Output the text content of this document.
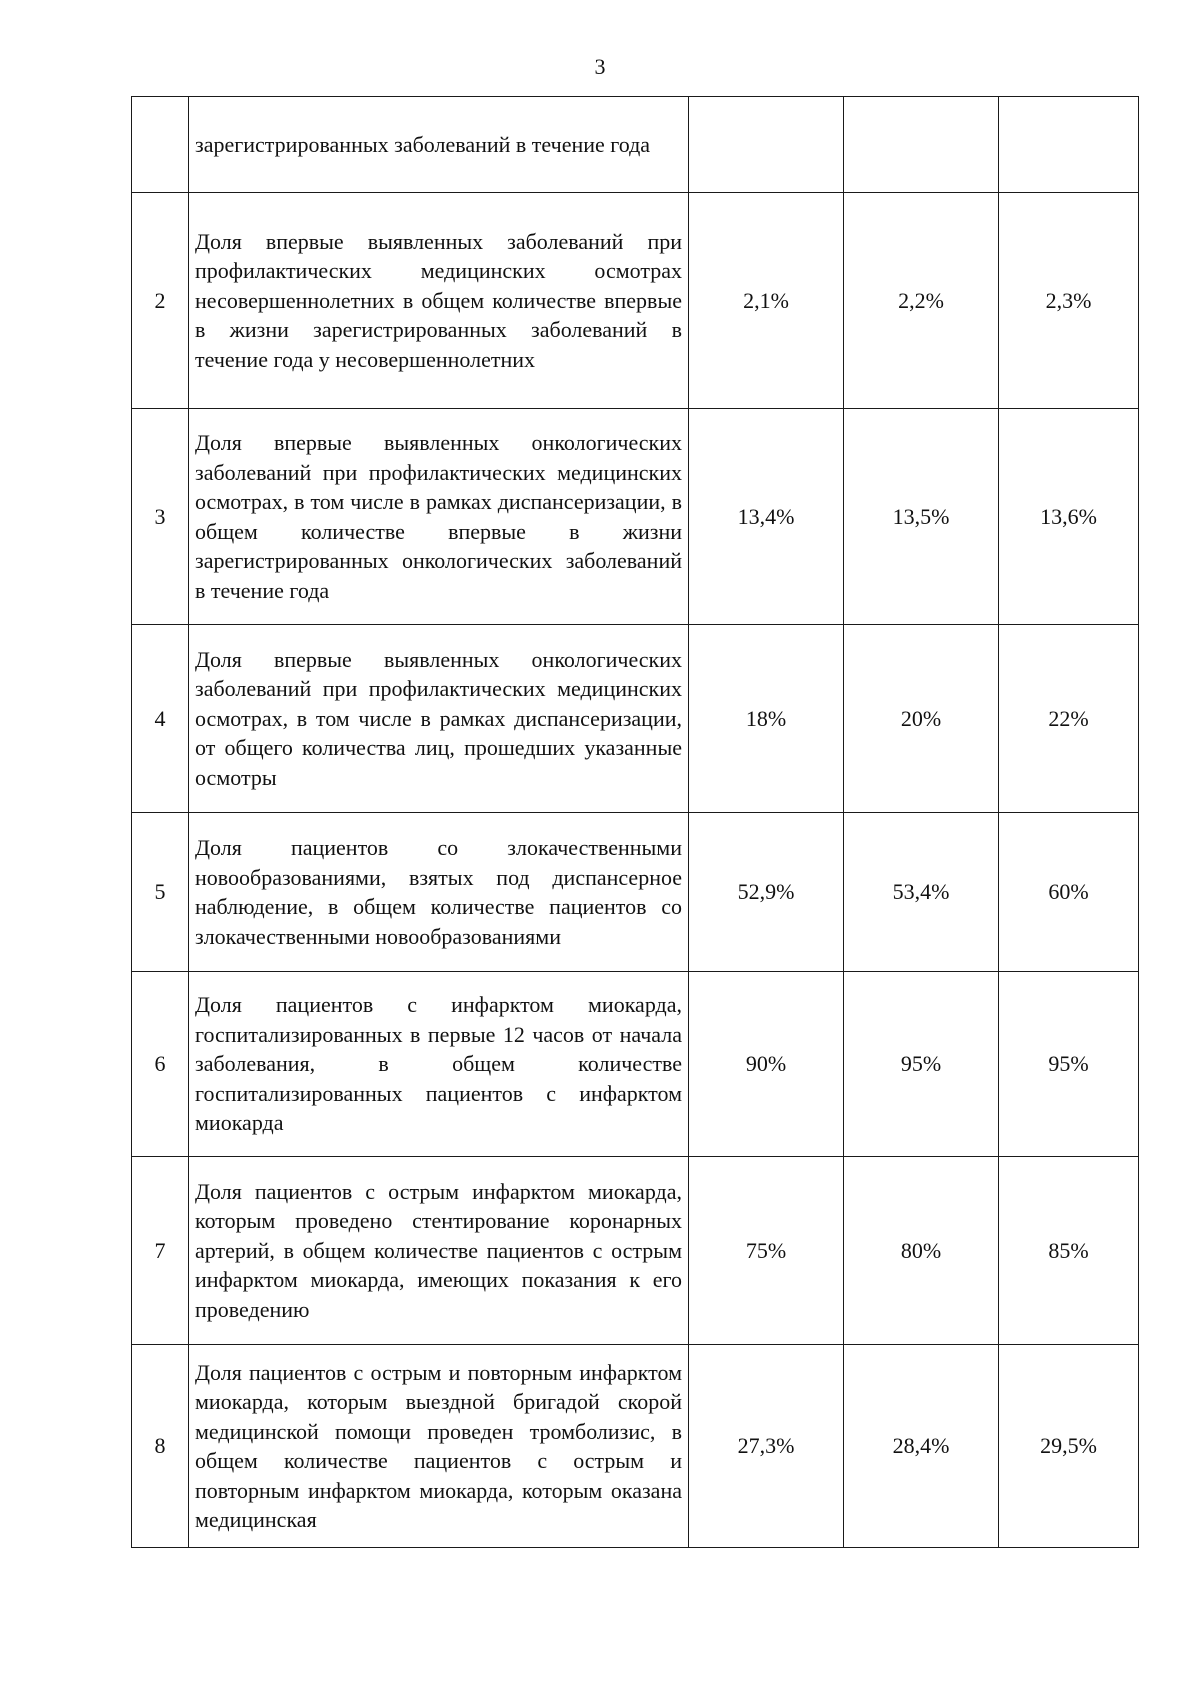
3
	зарегистрированных заболеваний в течение года			
2	Доля впервые выявленных заболеваний при профилактических медицинских осмотрах несовершеннолетних в общем количестве впервые в жизни зарегистрированных заболеваний в течение года у несовершеннолетних	2,1%	2,2%	2,3%
3	Доля впервые выявленных онкологических заболеваний при профилактических медицинских осмотрах, в том числе в рамках диспансеризации, в общем количестве впервые в жизни зарегистрированных онкологических заболеваний в течение года	13,4%	13,5%	13,6%
4	Доля впервые выявленных онкологических заболеваний при профилактических медицинских осмотрах, в том числе в рамках диспансеризации, от общего количества лиц, прошедших указанные осмотры	18%	20%	22%
5	Доля пациентов со злокачественными новообразованиями, взятых под диспансерное наблюдение, в общем количестве пациентов со злокачественными новообразованиями	52,9%	53,4%	60%
6	Доля пациентов с инфарктом миокарда, госпитализированных в первые 12 часов от начала заболевания, в общем количестве госпитализированных пациентов с инфарктом миокарда	90%	95%	95%
7	Доля пациентов с острым инфарктом миокарда, которым проведено стентирование коронарных артерий, в общем количестве пациентов с острым инфарктом миокарда, имеющих показания к его проведению	75%	80%	85%
8	Доля пациентов с острым и повторным инфарктом миокарда, которым выездной бригадой скорой медицинской помощи проведен тромболизис, в общем количестве пациентов с острым и повторным инфарктом миокарда, которым оказана медицинская	27,3%	28,4%	29,5%
